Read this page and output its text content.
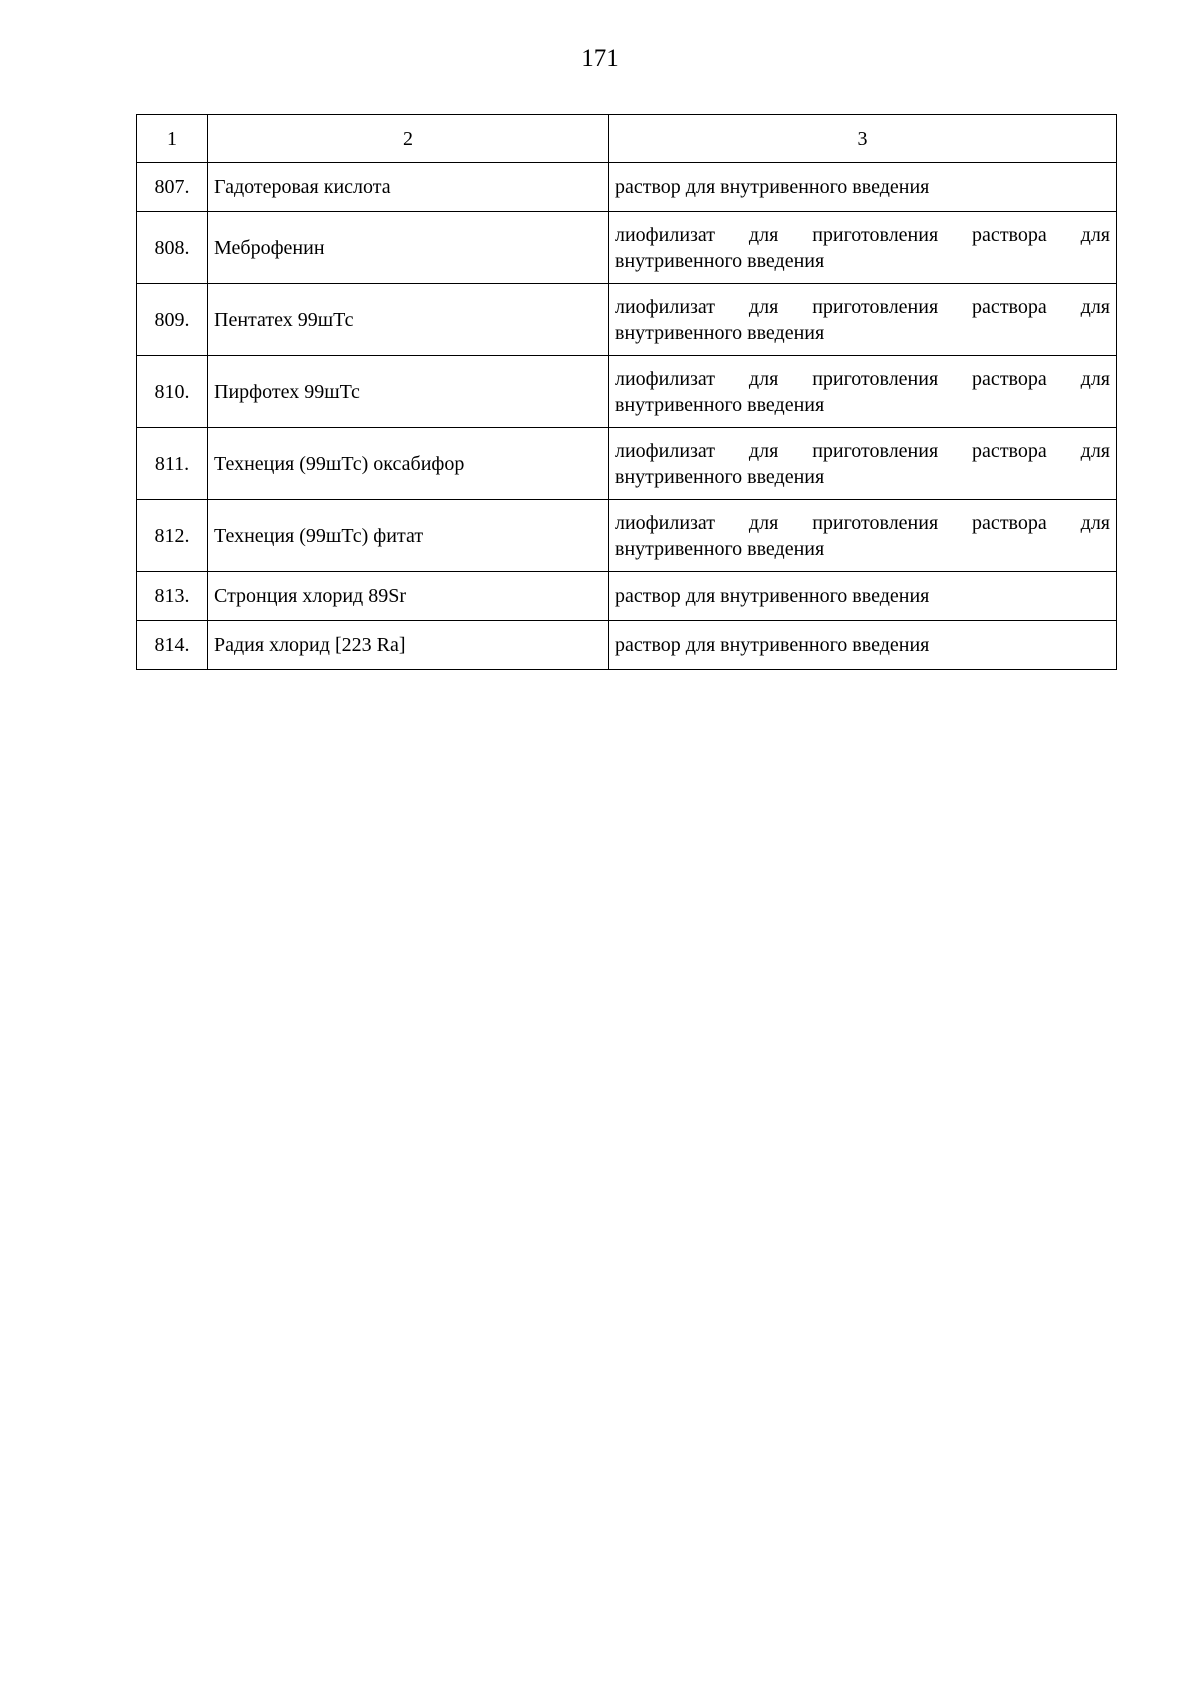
171
1	2	3
807.	Гадотеровая кислота	раствор для внутривенного введения
808.	Меброфенин	лиофилизат для приготовления раствора для внутривенного введения
809.	Пентатех 99шТс	лиофилизат для приготовления раствора для внутривенного введения
810.	Пирфотех 99шТс	лиофилизат для приготовления раствора для внутривенного введения
811.	Технеция (99шТс) оксабифор	лиофилизат для приготовления раствора для внутривенного введения
812.	Технеция (99шТс) фитат	лиофилизат для приготовления раствора для внутривенного введения
813.	Стронция хлорид 89Sr	раствор для внутривенного введения
814.	Радия хлорид [223 Ra]	раствор для внутривенного введения
